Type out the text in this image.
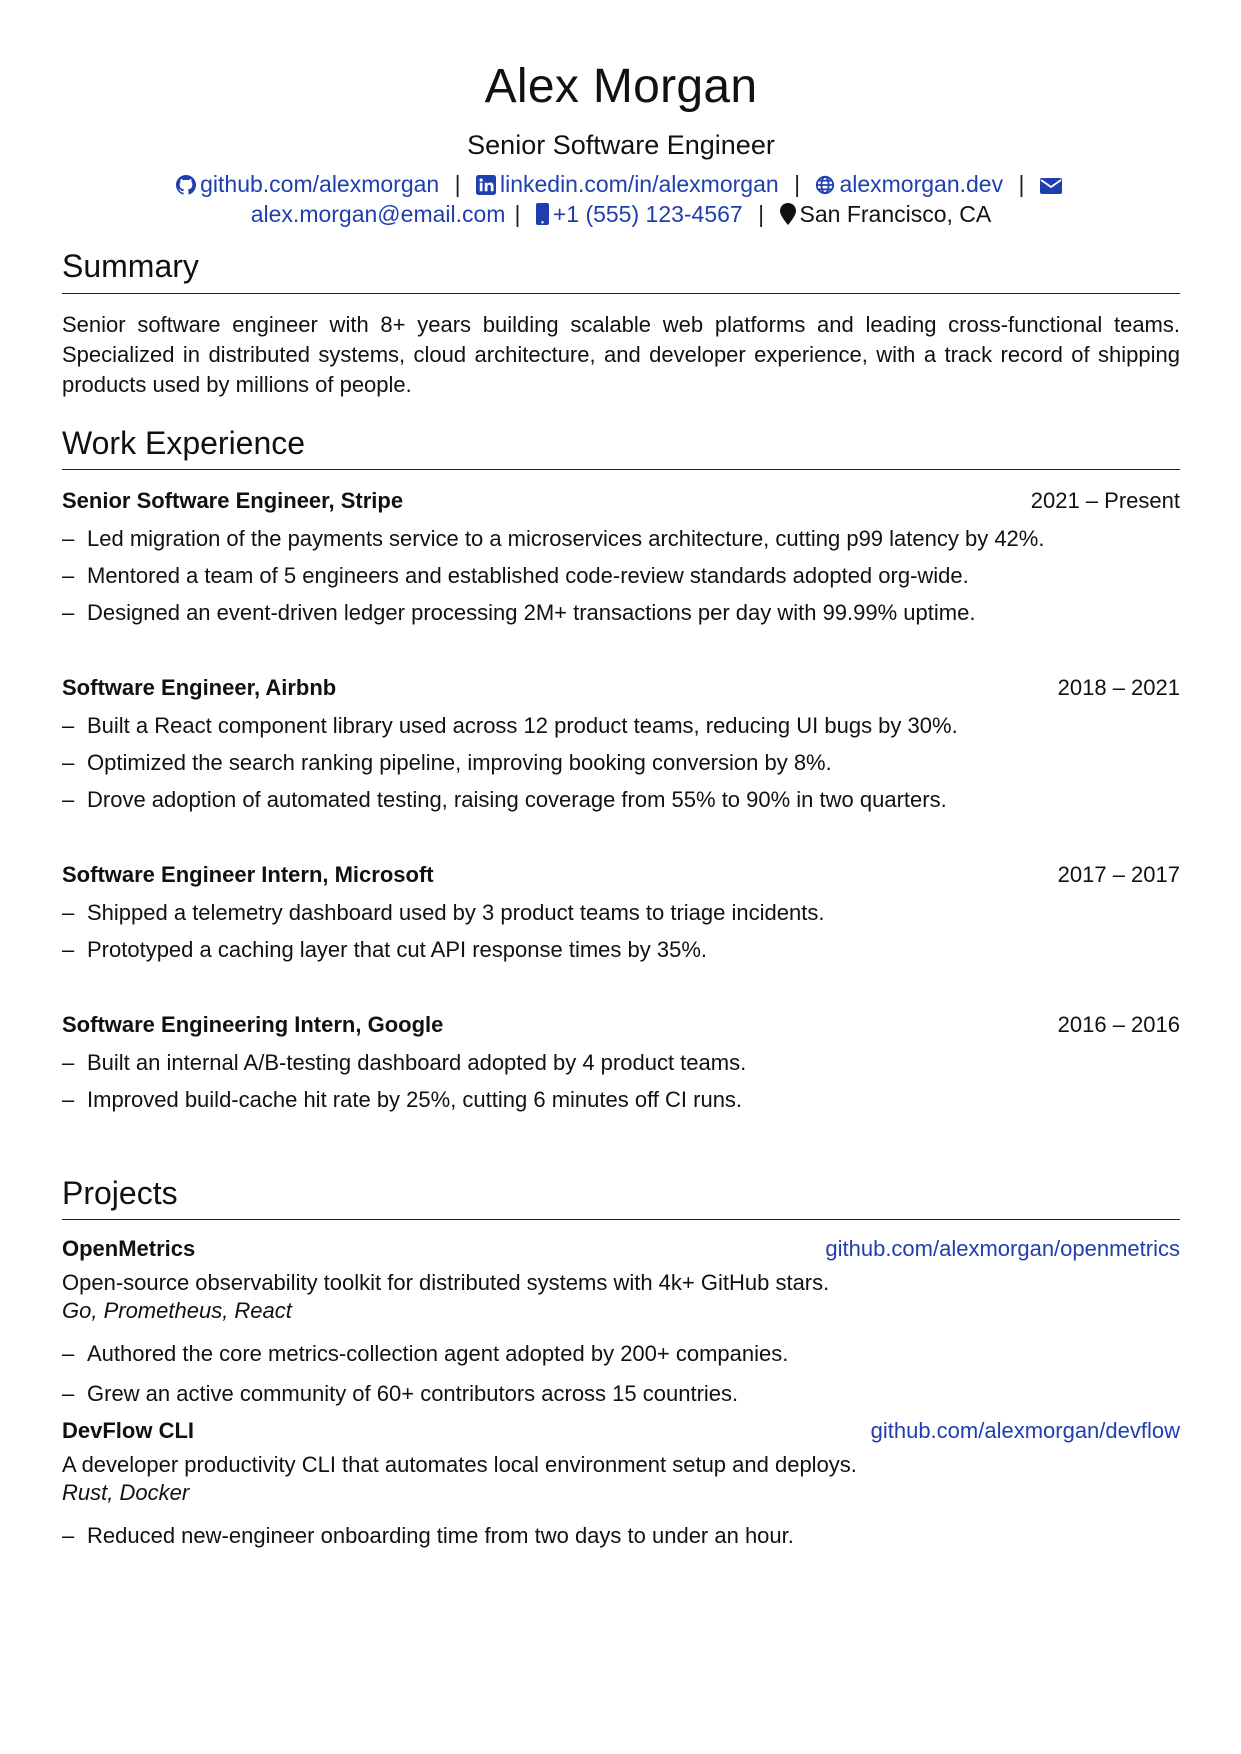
Alex Morgan
Senior Software Engineer
github.com/alexmorgan | linkedin.com/in/alexmorgan | alexmorgan.dev |
alex.morgan@email.com | +1 (555) 123-4567 | San Francisco, CA
Summary
Senior software engineer with 8+ years building scalable web platforms and leading cross-functional teams. Specialized in distributed systems, cloud architecture, and developer experience, with a track record of shipping products used by millions of people.
Work Experience
Senior Software Engineer, Stripe	2021 – Present
– Led migration of the payments service to a microservices architecture, cutting p99 latency by 42%.
– Mentored a team of 5 engineers and established code-review standards adopted org-wide.
– Designed an event-driven ledger processing 2M+ transactions per day with 99.99% uptime.
Software Engineer, Airbnb	2018 – 2021
– Built a React component library used across 12 product teams, reducing UI bugs by 30%.
– Optimized the search ranking pipeline, improving booking conversion by 8%.
– Drove adoption of automated testing, raising coverage from 55% to 90% in two quarters.
Software Engineer Intern, Microsoft	2017 – 2017
– Shipped a telemetry dashboard used by 3 product teams to triage incidents.
– Prototyped a caching layer that cut API response times by 35%.
Software Engineering Intern, Google	2016 – 2016
– Built an internal A/B-testing dashboard adopted by 4 product teams.
– Improved build-cache hit rate by 25%, cutting 6 minutes off CI runs.
Projects
OpenMetrics	github.com/alexmorgan/openmetrics
Open-source observability toolkit for distributed systems with 4k+ GitHub stars.
Go, Prometheus, React
– Authored the core metrics-collection agent adopted by 200+ companies.
– Grew an active community of 60+ contributors across 15 countries.
DevFlow CLI	github.com/alexmorgan/devflow
A developer productivity CLI that automates local environment setup and deploys.
Rust, Docker
– Reduced new-engineer onboarding time from two days to under an hour.
